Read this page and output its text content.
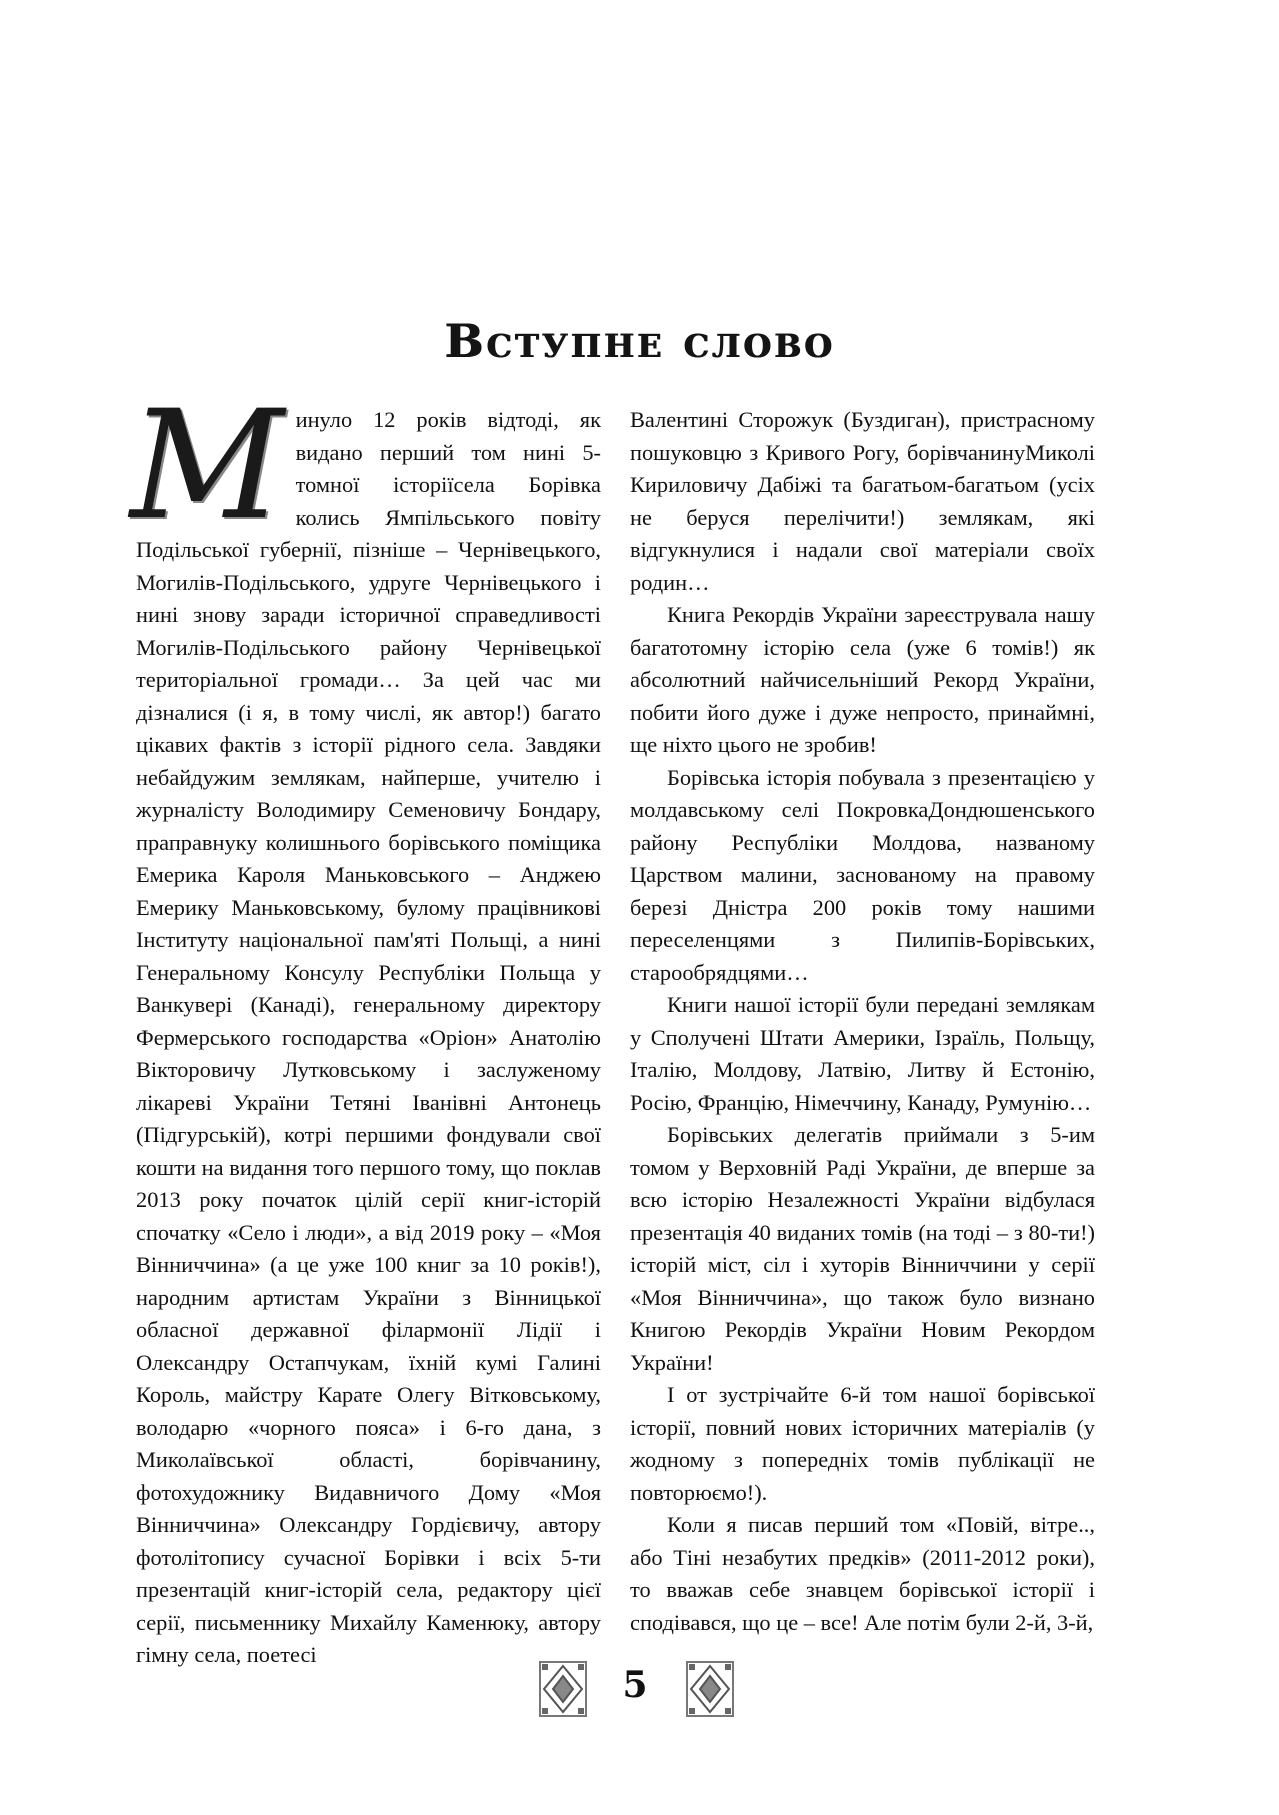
Вступне слово

Минуло 12 років відтоді, як видано перший том нині 5-томної історіїсела Борівка колись Ямпільського повіту Подільської губернії, пізніше – Чернівецького, Могилів-Подільського, удруге Чернівецького і нині знову заради історичної справедливості Могилів-Подільського району Чернівецької територіальної громади… За цей час ми дізналися (і я, в тому числі, як автор!) багато цікавих фактів з історії рідного села. Завдяки небайдужим землякам, найперше, учителю і журналісту Володимиру Семеновичу Бондару, праправнуку колишнього борівського поміщика Емерика Кароля Маньковського – Анджею Емерику Маньковському, булому працівникові Інституту національної пам'яті Польщі, а нині Генеральному Консулу Республіки Польща у Ванкувері (Канаді), генеральному директору Фермерського господарства «Оріон» Анатолію Вікторовичу Лутковському і заслуженому лікареві України Тетяні Іванівні Антонець (Підгурській), котрі першими фондували свої кошти на видання того першого тому, що поклав 2013 року початок цілій серії книг-історій спочатку «Село і люди», а від 2019 року – «Моя Вінниччина» (а це уже 100 книг за 10 років!), народним артистам України з Вінницької обласної державної філармонії Лідії і Олександру Остапчукам, їхній кумі Галині Король, майстру Карате Олегу Вітковському, володарю «чорного пояса» і 6-го дана, з Миколаївської області, борівчанину, фотохудожнику Видавничого Дому «Моя Вінниччина» Олександру Гордієвичу, автору фотолітопису сучасної Борівки і всіх 5-ти презентацій книг-історій села, редактору цієї серії, письменнику Михайлу Каменюку, автору гімну села, поетесі

Валентині Сторожук (Буздиган), пристрасному пошуковцю з Кривого Рогу, борівчанинуМиколі Кириловичу Дабіжі та багатьом-багатьом (усіх не беруся перелічити!) землякам, які відгукнулися і надали свої матеріали своїх родин…

Книга Рекордів України зареєструвала нашу багатотомну історію села (уже 6 томів!) як абсолютний найчисельніший Рекорд України, побити його дуже і дуже непросто, принаймні, ще ніхто цього не зробив!

Борівська історія побувала з презентацією у молдавському селі ПокровкаДондюшенського району Республіки Молдова, названому Царством малини, заснованому на правому березі Дністра 200 років тому нашими переселенцями з Пилипів-Борівських, старообрядцями…

Книги нашої історії були передані землякам у Сполучені Штати Америки, Ізраїль, Польщу, Італію, Молдову, Латвію, Литву й Естонію, Росію, Францію, Німеччину, Канаду, Румунію…

Борівських делегатів приймали з 5-им томом у Верховній Раді України, де вперше за всю історію Незалежності України відбулася презентація 40 виданих томів (на тоді – з 80-ти!) історій міст, сіл і хуторів Вінниччини у серії «Моя Вінниччина», що також було визнано Книгою Рекордів України Новим Рекордом України!

І от зустрічайте 6-й том нашої борівської історії, повний нових історичних матеріалів (у жодному з попередніх томів публікації не повторюємо!).

Коли я писав перший том «Повій, вітре.., або Тіні незабутих предків» (2011-2012 роки), то вважав себе знавцем борівської історії і сподівався, що це – все! Але потім були 2-й, 3-й,

5
